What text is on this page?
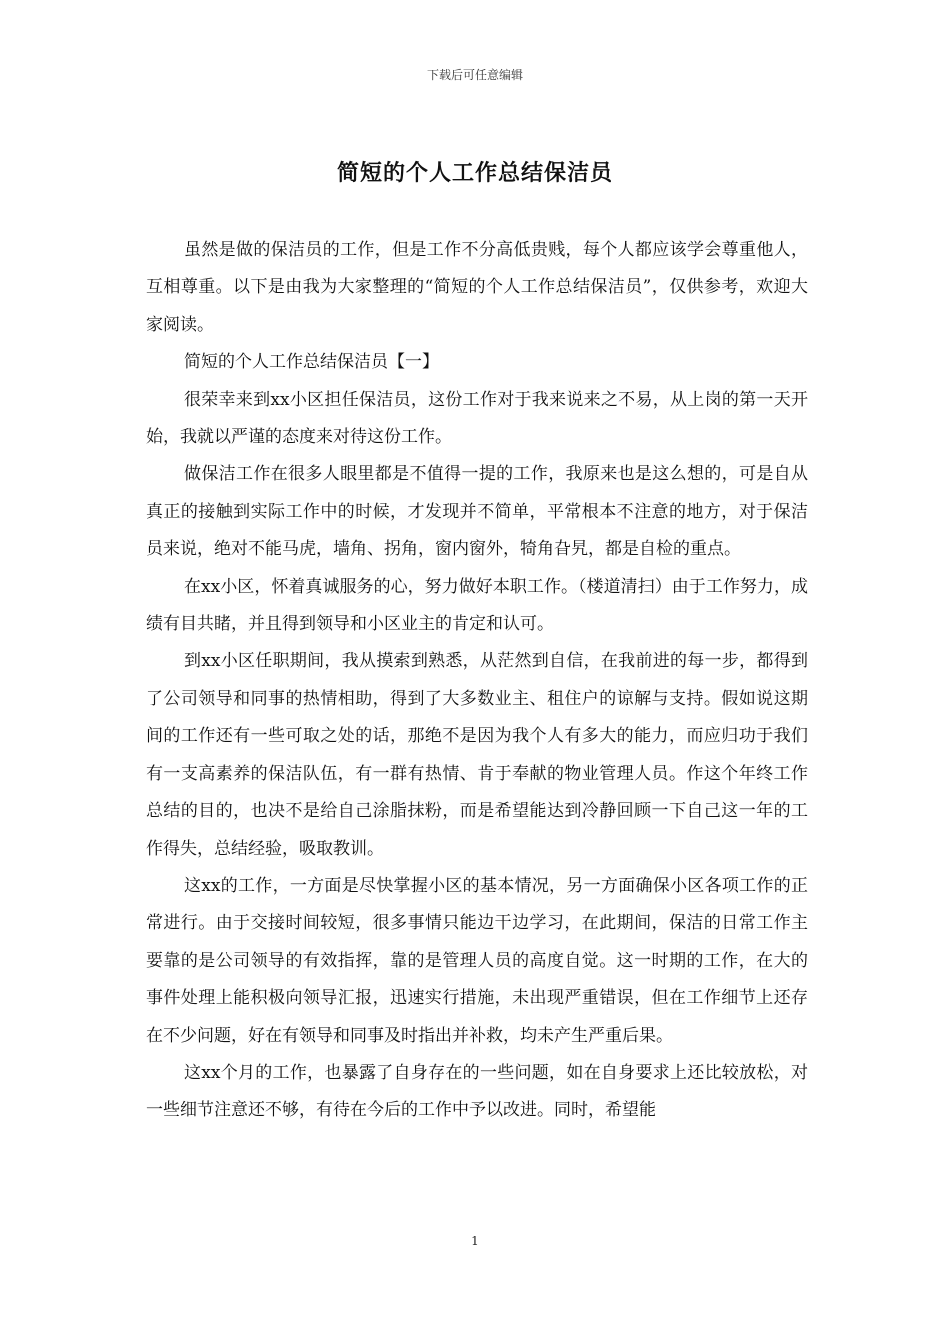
下载后可任意编辑
简短的个人工作总结保洁员

虽然是做的保洁员的工作，但是工作不分高低贵贱，每个人都应该学会尊重他人，互相尊重。以下是由我为大家整理的“简短的个人工作总结保洁员”，仅供参考，欢迎大家阅读。

简短的个人工作总结保洁员【一】

很荣幸来到xx小区担任保洁员，这份工作对于我来说来之不易，从上岗的第一天开始，我就以严谨的态度来对待这份工作。

做保洁工作在很多人眼里都是不值得一提的工作，我原来也是这么想的，可是自从真正的接触到实际工作中的时候，才发现并不简单，平常根本不注意的地方，对于保洁员来说，绝对不能马虎，墙角、拐角，窗内窗外，犄角旮旯，都是自检的重点。

在xx小区，怀着真诚服务的心，努力做好本职工作。（楼道清扫）由于工作努力，成绩有目共睹，并且得到领导和小区业主的肯定和认可。

到xx小区任职期间，我从摸索到熟悉，从茫然到自信，在我前进的每一步，都得到了公司领导和同事的热情相助，得到了大多数业主、租住户的谅解与支持。假如说这期间的工作还有一些可取之处的话，那绝不是因为我个人有多大的能力，而应归功于我们有一支高素养的保洁队伍，有一群有热情、肯于奉献的物业管理人员。作这个年终工作总结的目的，也决不是给自己涂脂抹粉，而是希望能达到冷静回顾一下自己这一年的工作得失，总结经验，吸取教训。

这xx的工作，一方面是尽快掌握小区的基本情况，另一方面确保小区各项工作的正常进行。由于交接时间较短，很多事情只能边干边学习，在此期间，保洁的日常工作主要靠的是公司领导的有效指挥，靠的是管理人员的高度自觉。这一时期的工作，在大的事件处理上能积极向领导汇报，迅速实行措施，未出现严重错误，但在工作细节上还存在不少问题，好在有领导和同事及时指出并补救，均未产生严重后果。

这xx个月的工作，也暴露了自身存在的一些问题，如在自身要求上还比较放松，对一些细节注意还不够，有待在今后的工作中予以改进。同时，希望能

1
